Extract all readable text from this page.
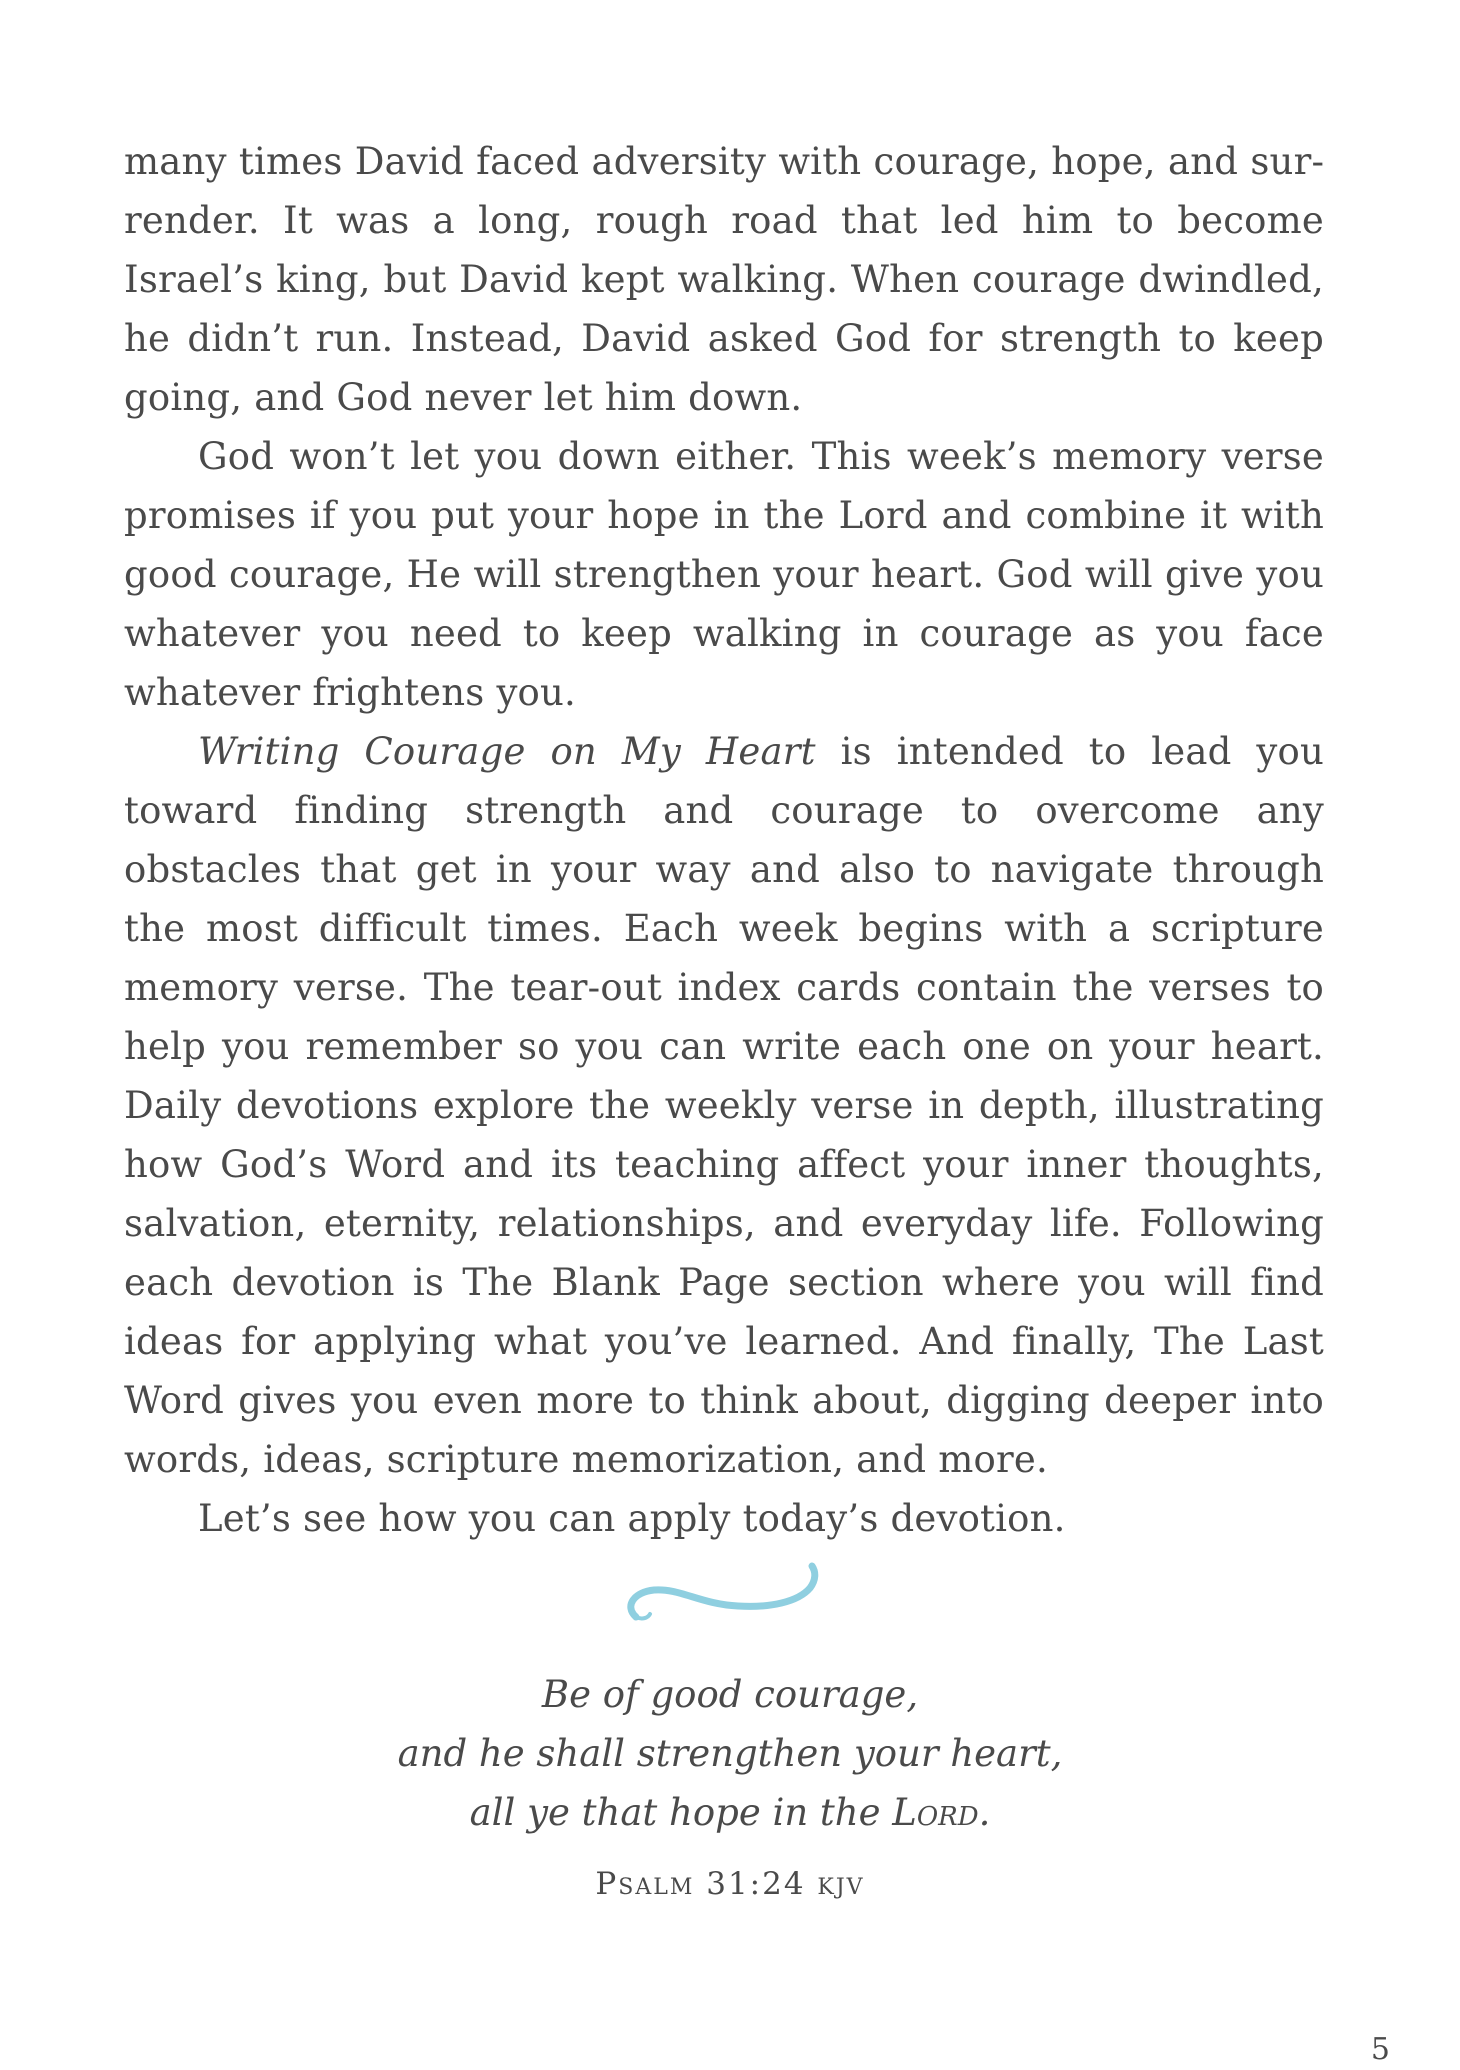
many times David faced adversity with courage, hope, and surrender. It was a long, rough road that led him to become Israel’s king, but David kept walking. When courage dwindled, he didn’t run. Instead, David asked God for strength to keep going, and God never let him down.

God won’t let you down either. This week’s memory verse promises if you put your hope in the Lord and combine it with good courage, He will strengthen your heart. God will give you whatever you need to keep walking in courage as you face whatever frightens you.

Writing Courage on My Heart is intended to lead you toward finding strength and courage to overcome any obstacles that get in your way and also to navigate through the most difficult times. Each week begins with a scripture memory verse. The tear-out index cards contain the verses to help you remember so you can write each one on your heart. Daily devotions explore the weekly verse in depth, illustrating how God’s Word and its teaching affect your inner thoughts, salvation, eternity, relationships, and everyday life. Following each devotion is The Blank Page section where you will find ideas for applying what you’ve learned. And finally, The Last Word gives you even more to think about, digging deeper into words, ideas, scripture memorization, and more.

Let’s see how you can apply today’s devotion.

Be of good courage,
and he shall strengthen your heart,
all ye that hope in the Lord.
Psalm 31:24 kjv
5
